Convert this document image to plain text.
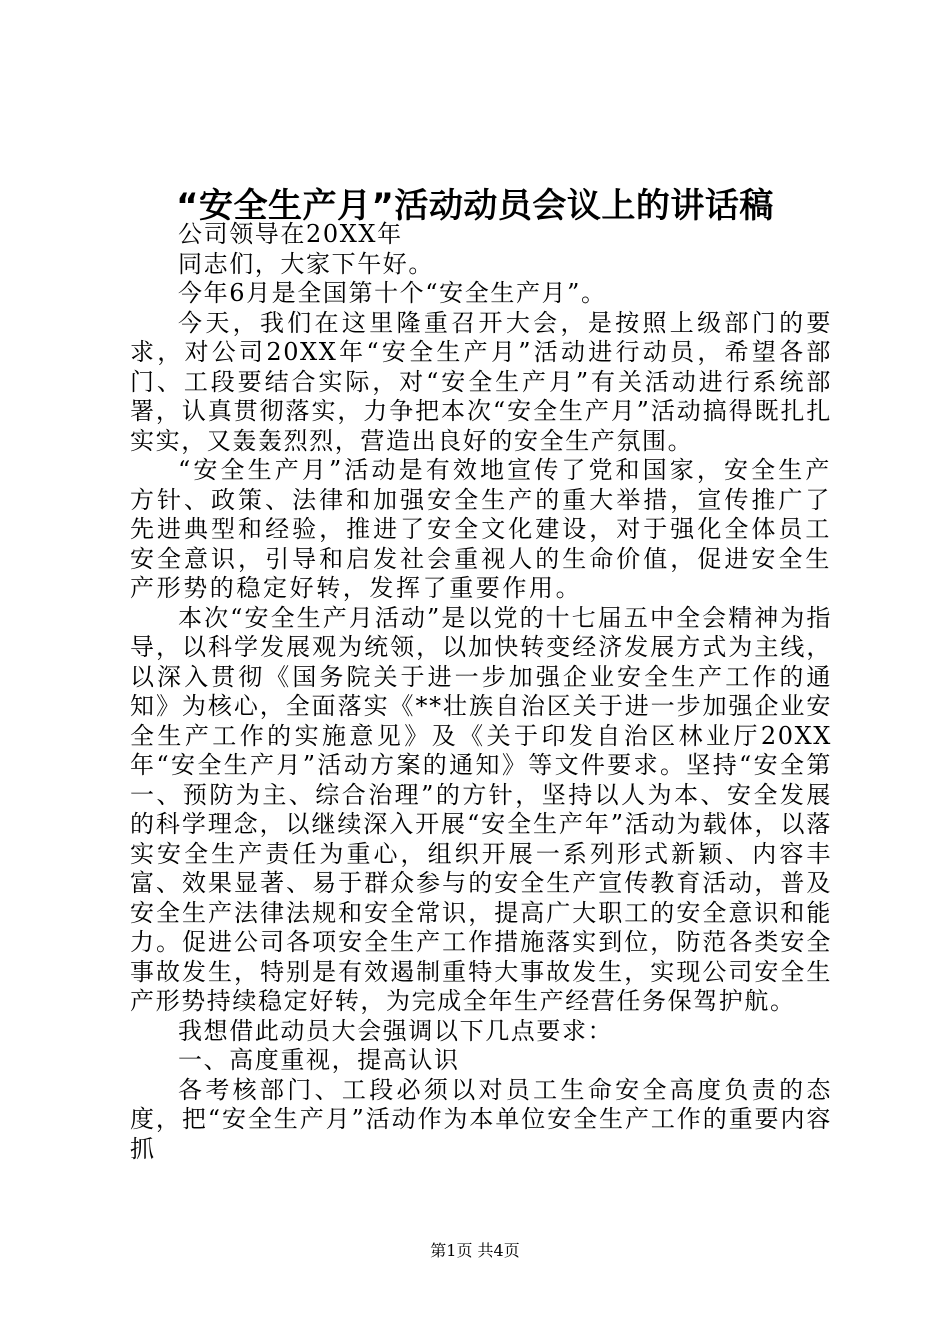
“安全生产月”活动动员会议上的讲话稿

公司领导在20XX年

同志们，大家下午好。

今年6月是全国第十个“安全生产月”。

今天，我们在这里隆重召开大会，是按照上级部门的要求，对公司20XX年“安全生产月”活动进行动员，希望各部门、工段要结合实际，对“安全生产月”有关活动进行系统部署，认真贯彻落实，力争把本次“安全生产月”活动搞得既扎扎实实，又轰轰烈烈，营造出良好的安全生产氛围。

“安全生产月”活动是有效地宣传了党和国家，安全生产方针、政策、法律和加强安全生产的重大举措，宣传推广了先进典型和经验，推进了安全文化建设，对于强化全体员工安全意识，引导和启发社会重视人的生命价值，促进安全生产形势的稳定好转，发挥了重要作用。

本次“安全生产月活动”是以党的十七届五中全会精神为指导，以科学发展观为统领，以加快转变经济发展方式为主线，以深入贯彻《国务院关于进一步加强企业安全生产工作的通知》为核心，全面落实《**壮族自治区关于进一步加强企业安全生产工作的实施意见》及《关于印发自治区林业厅20XX年“安全生产月”活动方案的通知》等文件要求。坚持“安全第一、预防为主、综合治理”的方针，坚持以人为本、安全发展的科学理念，以继续深入开展“安全生产年”活动为载体，以落实安全生产责任为重心，组织开展一系列形式新颖、内容丰富、效果显著、易于群众参与的安全生产宣传教育活动，普及安全生产法律法规和安全常识，提高广大职工的安全意识和能力。促进公司各项安全生产工作措施落实到位，防范各类安全事故发生，特别是有效遏制重特大事故发生，实现公司安全生产形势持续稳定好转，为完成全年生产经营任务保驾护航。

我想借此动员大会强调以下几点要求：

一、高度重视，提高认识

各考核部门、工段必须以对员工生命安全高度负责的态度，把“安全生产月”活动作为本单位安全生产工作的重要内容抓

第1页 共4页
